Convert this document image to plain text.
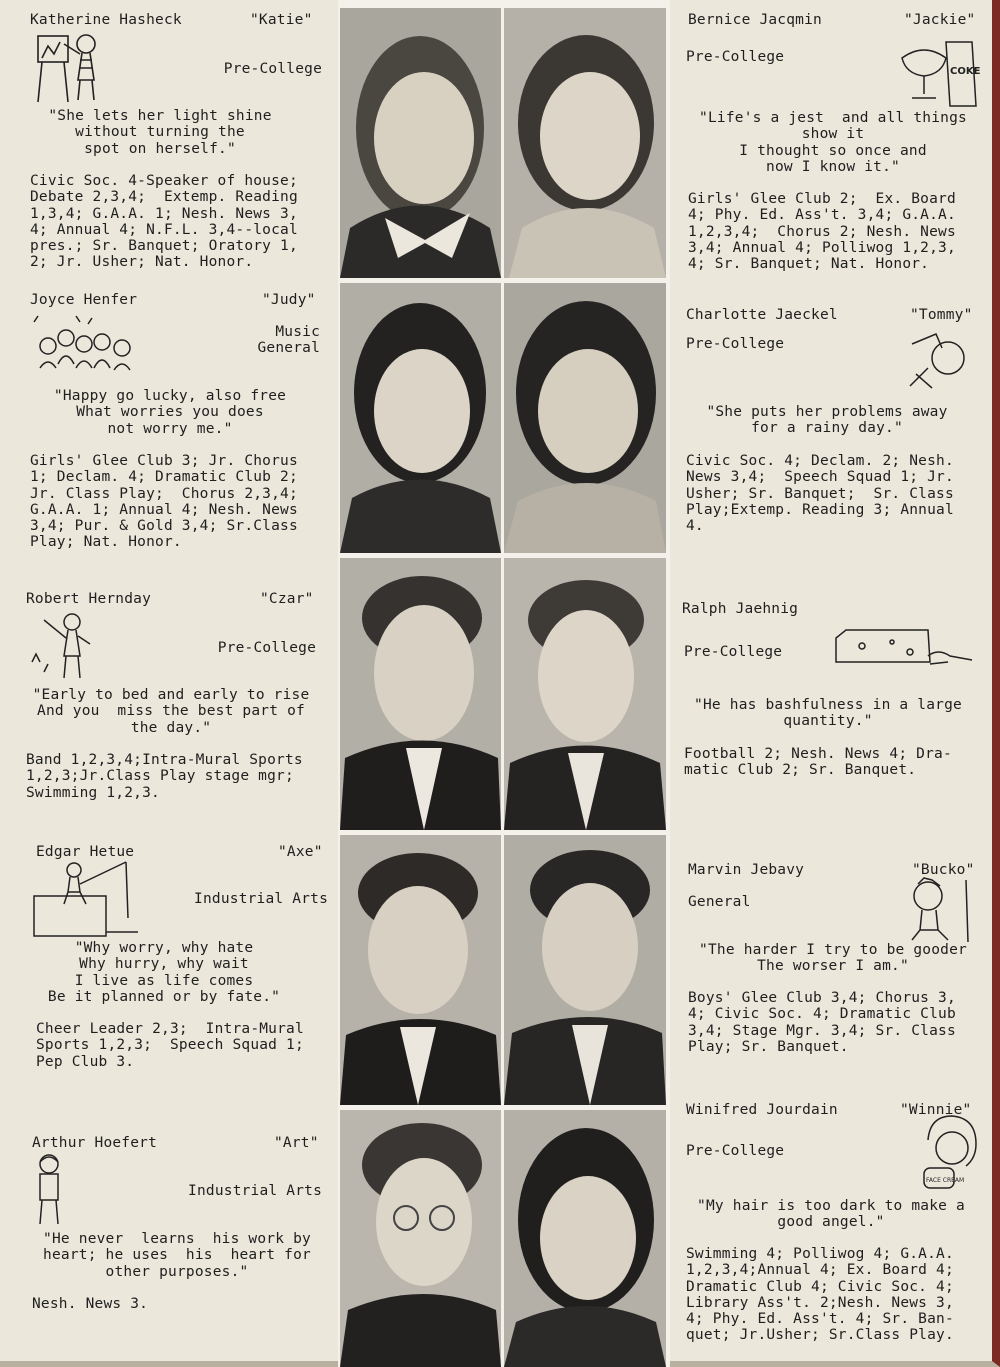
Katherine Hasheck	"Katie"
Pre-College
"She lets her light shine
without turning the
spot on herself."
Civic Soc. 4-Speaker of house;
Debate 2,3,4;  Extemp. Reading
1,3,4; G.A.A. 1; Nesh. News 3,
4; Annual 4; N.F.L. 3,4--local
pres.; Sr. Banquet; Oratory 1,
2; Jr. Usher; Nat. Honor.
Joyce Henfer	"Judy"
Music
General
"Happy go lucky, also free
What worries you does
not worry me."
Girls' Glee Club 3; Jr. Chorus
1; Declam. 4; Dramatic Club 2;
Jr. Class Play;  Chorus 2,3,4;
G.A.A. 1; Annual 4; Nesh. News
3,4; Pur. & Gold 3,4; Sr.Class
Play; Nat. Honor.
Robert Hernday	"Czar"
Pre-College
"Early to bed and early to rise
And you  miss the best part of
the day."
Band 1,2,3,4;Intra-Mural Sports
1,2,3;Jr.Class Play stage mgr;
Swimming 1,2,3.
Edgar Hetue	"Axe"
Industrial Arts
"Why worry, why hate
Why hurry, why wait
I live as life comes
Be it planned or by fate."
Cheer Leader 2,3;  Intra-Mural
Sports 1,2,3;  Speech Squad 1;
Pep Club 3.
Arthur Hoefert	"Art"
Industrial Arts
"He never  learns  his work by
heart; he uses  his  heart for
other purposes."
Nesh. News 3.
Bernice Jacqmin	"Jackie"
Pre-College
"Life's a jest  and all things
show it
I thought so once and
now I know it."
Girls' Glee Club 2;  Ex. Board
4; Phy. Ed. Ass't. 3,4; G.A.A.
1,2,3,4;  Chorus 2; Nesh. News
3,4; Annual 4; Polliwog 1,2,3,
4; Sr. Banquet; Nat. Honor.
COKE
Charlotte Jaeckel	"Tommy"
Pre-College
"She puts her problems away
for a rainy day."
Civic Soc. 4; Declam. 2; Nesh.
News 3,4;  Speech Squad 1; Jr.
Usher; Sr. Banquet;  Sr. Class
Play;Extemp. Reading 3; Annual
4.
Ralph Jaehnig
Pre-College
"He has bashfulness in a large
quantity."
Football 2; Nesh. News 4; Dra-
matic Club 2; Sr. Banquet.
Marvin Jebavy	"Bucko"
General
"The harder I try to be gooder
The worser I am."
Boys' Glee Club 3,4; Chorus 3,
4; Civic Soc. 4; Dramatic Club
3,4; Stage Mgr. 3,4; Sr. Class
Play; Sr. Banquet.
Winifred Jourdain	"Winnie"
Pre-College
"My hair is too dark to make a
good angel."
Swimming 4; Polliwog 4; G.A.A.
1,2,3,4;Annual 4; Ex. Board 4;
Dramatic Club 4; Civic Soc. 4;
Library Ass't. 2;Nesh. News 3,
4; Phy. Ed. Ass't. 4; Sr. Ban-
quet; Jr.Usher; Sr.Class Play.
FACE CREAM
